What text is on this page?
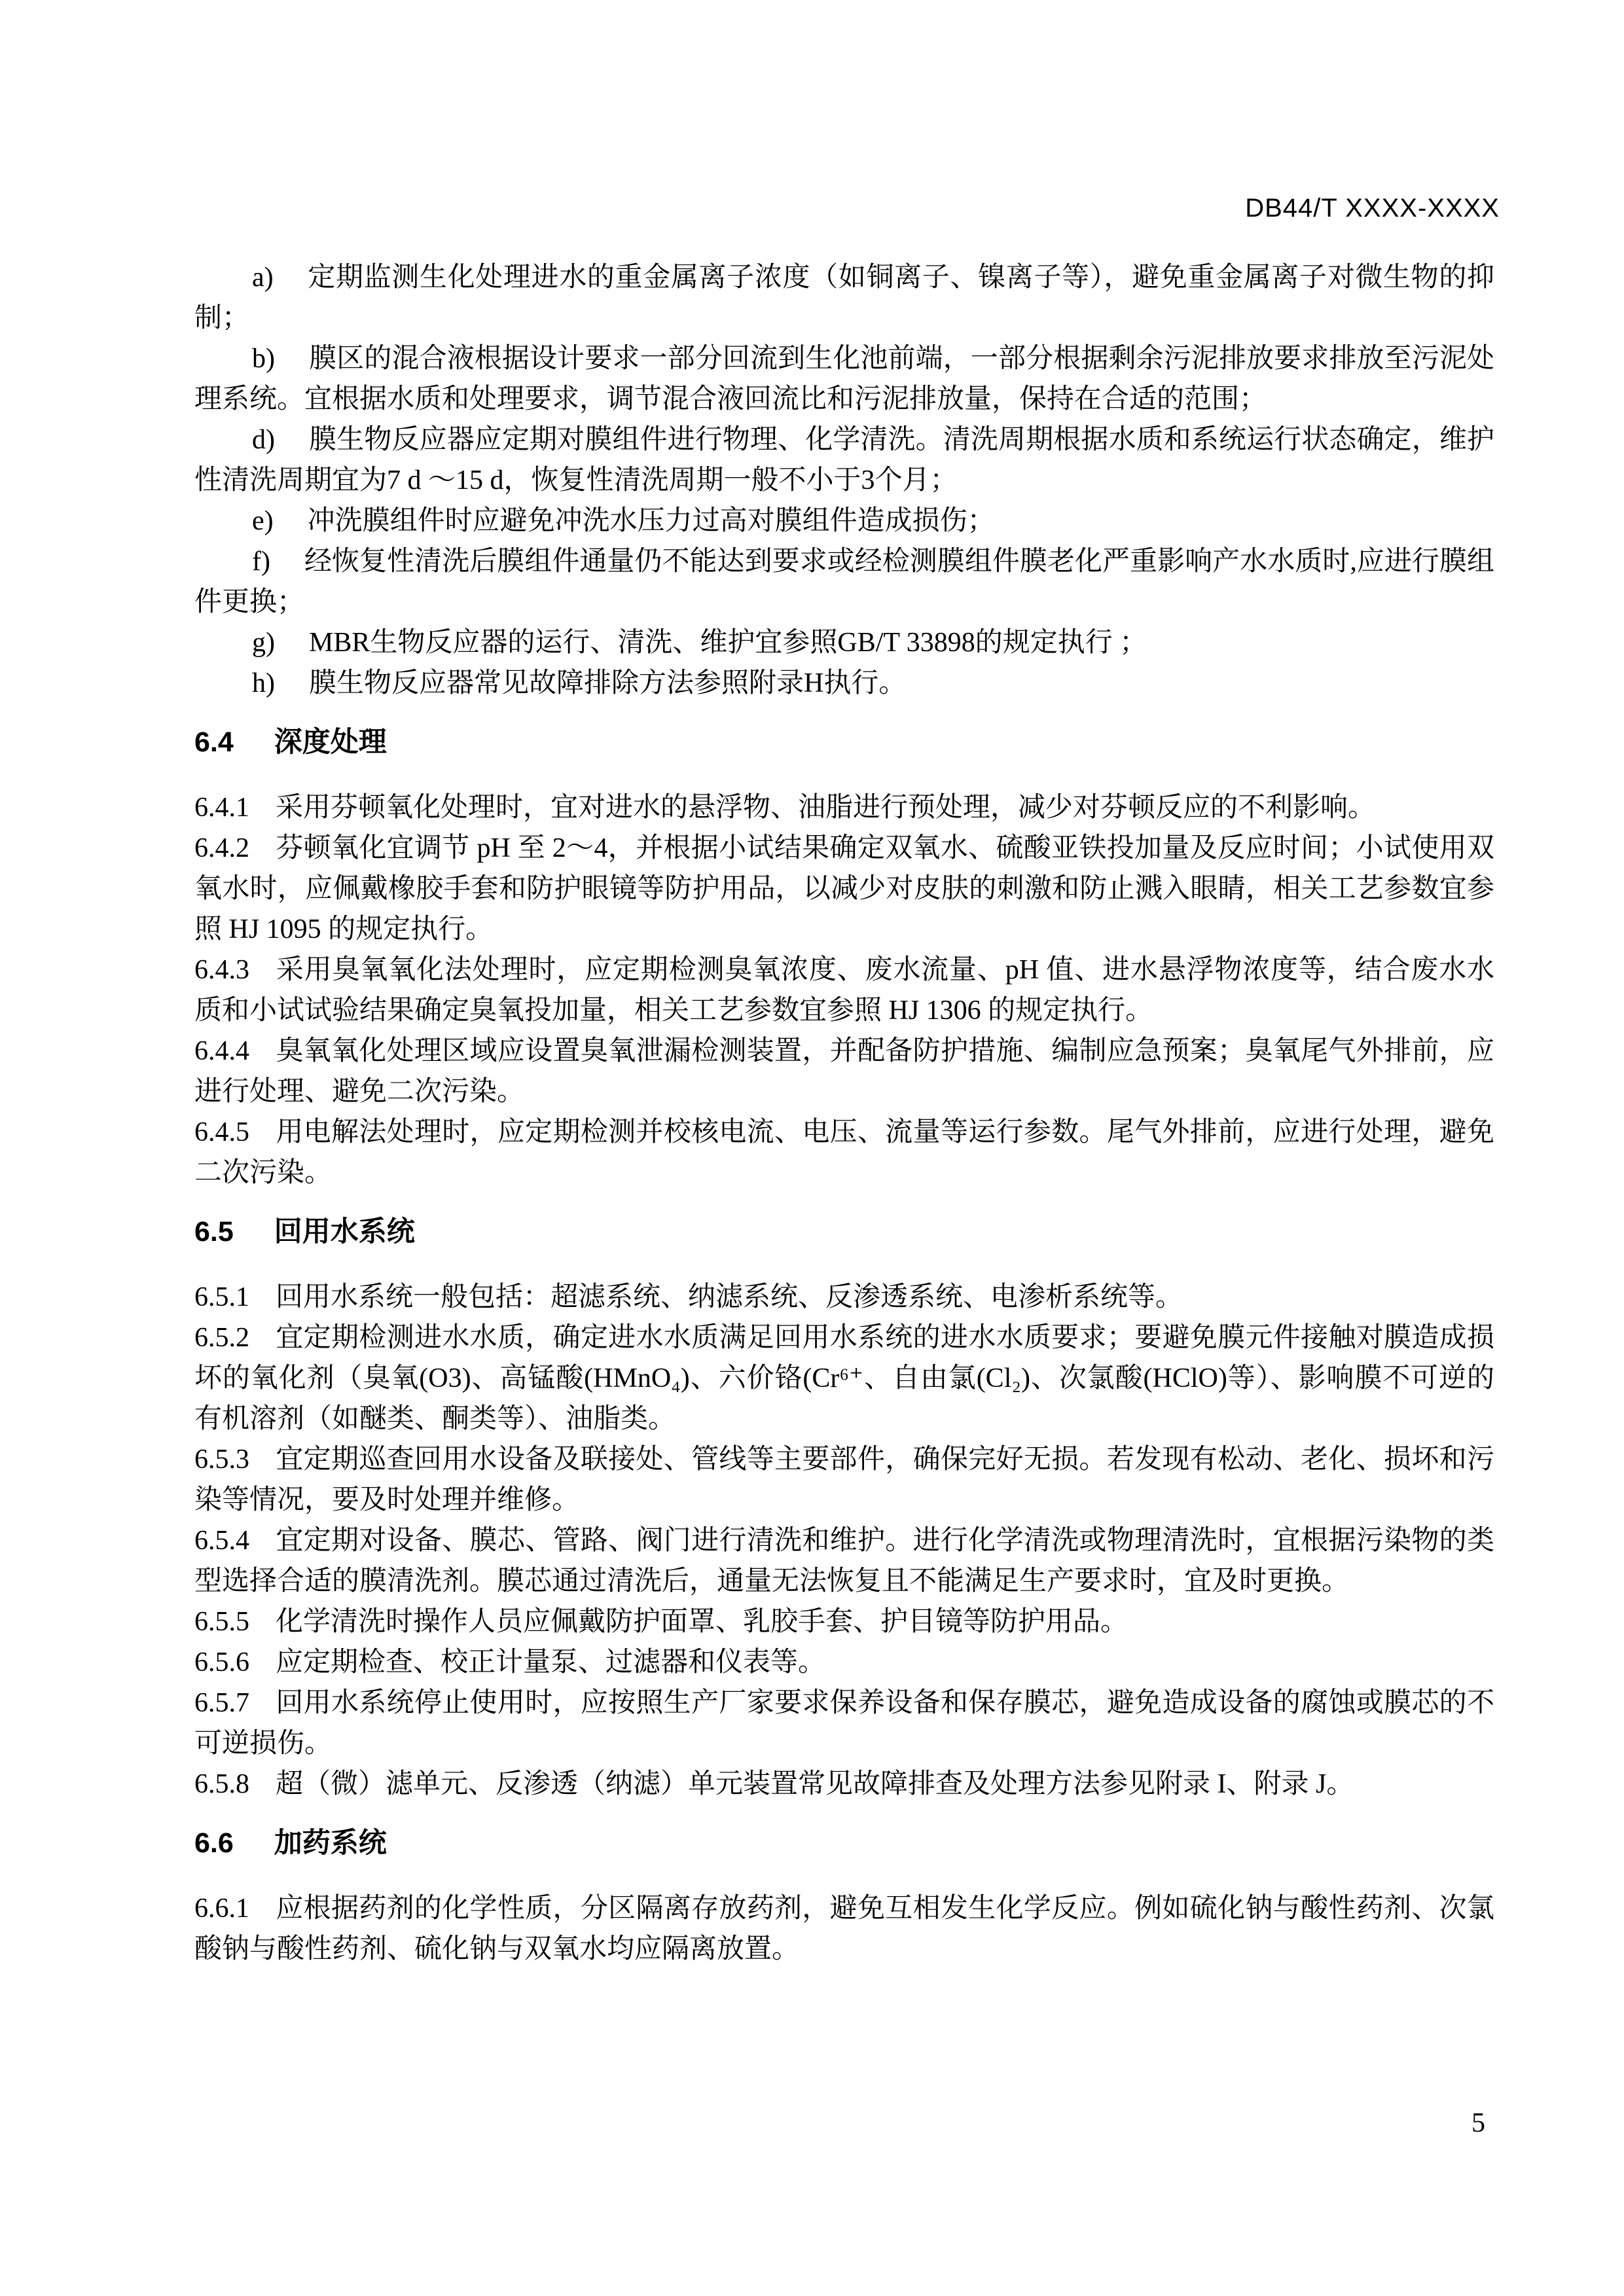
DB44/T XXXX-XXXX

a) 定期监测生化处理进水的重金属离子浓度（如铜离子、镍离子等），避免重金属离子对微生物的抑制；

b) 膜区的混合液根据设计要求一部分回流到生化池前端，一部分根据剩余污泥排放要求排放至污泥处理系统。宜根据水质和处理要求，调节混合液回流比和污泥排放量，保持在合适的范围；

d) 膜生物反应器应定期对膜组件进行物理、化学清洗。清洗周期根据水质和系统运行状态确定，维护性清洗周期宜为7 d ～15 d，恢复性清洗周期一般不小于3个月；

e) 冲洗膜组件时应避免冲洗水压力过高对膜组件造成损伤；

f) 经恢复性清洗后膜组件通量仍不能达到要求或经检测膜组件膜老化严重影响产水水质时,应进行膜组件更换；

g) MBR生物反应器的运行、清洗、维护宜参照GB/T 33898的规定执行 ；

h) 膜生物反应器常见故障排除方法参照附录H执行。

6.4 深度处理

6.4.1 采用芬顿氧化处理时，宜对进水的悬浮物、油脂进行预处理，减少对芬顿反应的不利影响。

6.4.2 芬顿氧化宜调节 pH 至 2～4，并根据小试结果确定双氧水、硫酸亚铁投加量及反应时间；小试使用双氧水时，应佩戴橡胶手套和防护眼镜等防护用品，以减少对皮肤的刺激和防止溅入眼睛，相关工艺参数宜参照 HJ 1095 的规定执行。

6.4.3 采用臭氧氧化法处理时，应定期检测臭氧浓度、废水流量、pH 值、进水悬浮物浓度等，结合废水水质和小试试验结果确定臭氧投加量，相关工艺参数宜参照 HJ 1306 的规定执行。

6.4.4 臭氧氧化处理区域应设置臭氧泄漏检测装置，并配备防护措施、编制应急预案；臭氧尾气外排前，应进行处理、避免二次污染。

6.4.5 用电解法处理时，应定期检测并校核电流、电压、流量等运行参数。尾气外排前，应进行处理，避免二次污染。

6.5 回用水系统

6.5.1 回用水系统一般包括：超滤系统、纳滤系统、反渗透系统、电渗析系统等。

6.5.2 宜定期检测进水水质，确定进水水质满足回用水系统的进水水质要求；要避免膜元件接触对膜造成损坏的氧化剂（臭氧(O3)、高锰酸(HMnO₄)、六价铬(Cr⁶⁺、自由氯(Cl₂)、次氯酸(HClO)等）、影响膜不可逆的有机溶剂（如醚类、酮类等）、油脂类。

6.5.3 宜定期巡查回用水设备及联接处、管线等主要部件，确保完好无损。若发现有松动、老化、损坏和污染等情况，要及时处理并维修。

6.5.4 宜定期对设备、膜芯、管路、阀门进行清洗和维护。进行化学清洗或物理清洗时，宜根据污染物的类型选择合适的膜清洗剂。膜芯通过清洗后，通量无法恢复且不能满足生产要求时，宜及时更换。

6.5.5 化学清洗时操作人员应佩戴防护面罩、乳胶手套、护目镜等防护用品。

6.5.6 应定期检查、校正计量泵、过滤器和仪表等。

6.5.7 回用水系统停止使用时，应按照生产厂家要求保养设备和保存膜芯，避免造成设备的腐蚀或膜芯的不可逆损伤。

6.5.8 超（微）滤单元、反渗透（纳滤）单元装置常见故障排查及处理方法参见附录 I、附录 J。

6.6 加药系统

6.6.1 应根据药剂的化学性质，分区隔离存放药剂，避免互相发生化学反应。例如硫化钠与酸性药剂、次氯酸钠与酸性药剂、硫化钠与双氧水均应隔离放置。

5
